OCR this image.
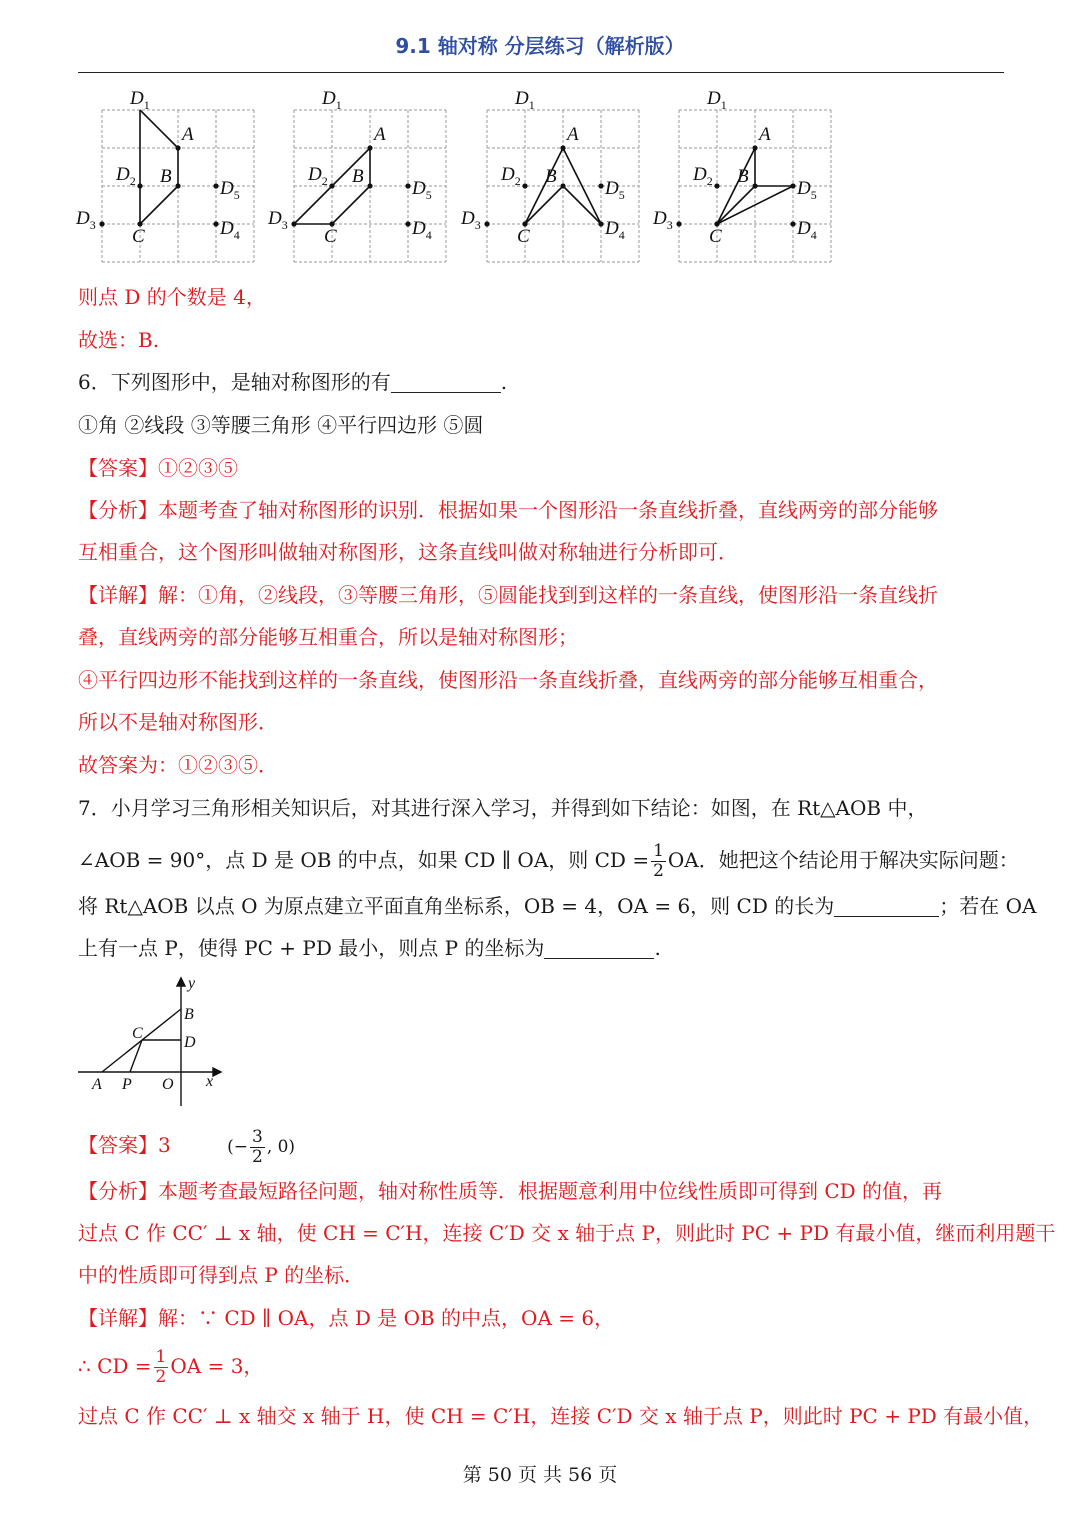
9.1 轴对称 分层练习（解析版）
$D_1$
A
$D_2$ B
$D_5$
$D_3$
C	$D_4$
$D_1$
A
$D_2$ B
$D_5$
$D_3$
C	$D_4$
$D_1$
A
$D_2$ B
$D_5$
$D_3$
C	$D_4$
$D_1$
A
$D_2$ B
$D_5$
$D_3$
C	$D_4$
则点 D 的个数是 4，
故选：B.
6．下列图形中，是轴对称图形的有	.
①角 ②线段 ③等腰三角形 ④平行四边形 ⑤圆
【答案】①②③⑤
【分析】本题考查了轴对称图形的识别．根据如果一个图形沿一条直线折叠，直线两旁的部分能够
互相重合，这个图形叫做轴对称图形，这条直线叫做对称轴进行分析即可．
【详解】解：①角，②线段，③等腰三角形，⑤圆能找到到这样的一条直线，使图形沿一条直线折
叠，直线两旁的部分能够互相重合，所以是轴对称图形；
④平行四边形不能找到这样的一条直线，使图形沿一条直线折叠，直线两旁的部分能够互相重合，
所以不是轴对称图形．
故答案为：①②③⑤．
7．小月学习三角形相关知识后，对其进行深入学习，并得到如下结论：如图，在 Rt△AOB 中，
∠AOB = 90°，点 D 是 OB 的中点，如果 CD ∥ OA，则 CD = $\frac{1}{2}$ OA．她把这个结论用于解决实际问题：
将 Rt△AOB 以点 O 为原点建立平面直角坐标系，OB = 4，OA = 6，则 CD 的长为	；若在 OA
上有一点 P，使得 PC + PD 最小，则点 P 的坐标为	.
y
B
C
D
A P O x
【答案】3	(− $\frac{3}{2}$ , 0)
【分析】本题考查最短路径问题，轴对称性质等．根据题意利用中位线性质即可得到 CD 的值，再
过点 C 作 CC′ ⊥ x 轴，使 CH = C′H，连接 C′D 交 x 轴于点 P，则此时 PC + PD 有最小值，继而利用题干
中的性质即可得到点 P 的坐标．
【详解】解：∵ CD ∥ OA，点 D 是 OB 的中点，OA = 6，
∴ CD = $\frac{1}{2}$ OA = 3，
过点 C 作 CC′ ⊥ x 轴交 x 轴于 H，使 CH = C′H，连接 C′D 交 x 轴于点 P，则此时 PC + PD 有最小值，
第 50 页 共 56 页
